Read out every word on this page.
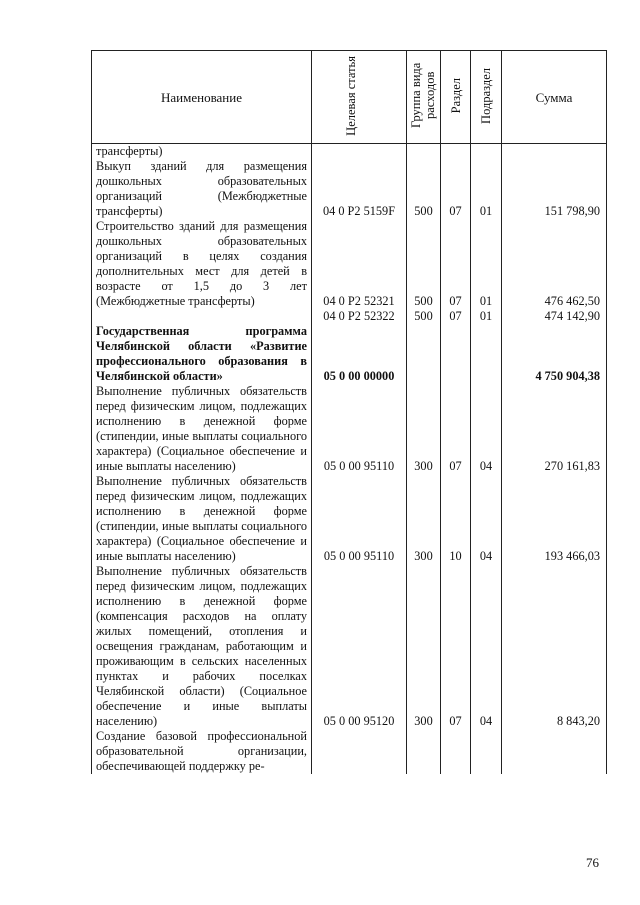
Наименование	Целевая статья	Группа вида расходов	Раздел	Подраздел	Сумма
трансферты)					
Выкуп зданий для размещения дошкольных образовательных организаций (Межбюджетные трансферты)	04 0 P2 5159F	500	07	01	151 798,90
Строительство зданий для размещения дошкольных образовательных организаций в целях создания дополнительных мест для детей в возрасте от 1,5 до 3 лет (Межбюджетные трансферты)	04 0 P2 52321	500	07	01	476 462,50
	04 0 P2 52322	500	07	01	474 142,90
Государственная программа Челябинской области «Развитие профессионального образования в Челябинской области»	05 0 00 00000				4 750 904,38
Выполнение публичных обязательств перед физическим лицом, подлежащих исполнению в денежной форме (стипендии, иные выплаты социального характера) (Социальное обеспечение и иные выплаты населению)	05 0 00 95110	300	07	04	270 161,83
Выполнение публичных обязательств перед физическим лицом, подлежащих исполнению в денежной форме (стипендии, иные выплаты социального характера) (Социальное обеспечение и иные выплаты населению)	05 0 00 95110	300	10	04	193 466,03
Выполнение публичных обязательств перед физическим лицом, подлежащих исполнению в денежной форме (компенсация расходов на оплату жилых помещений, отопления и освещения гражданам, работающим и проживающим в сельских населенных пунктах и рабочих поселках Челябинской области) (Социальное обеспечение и иные выплаты населению)	05 0 00 95120	300	07	04	8 843,20
Создание базовой профессиональной образовательной организации, обеспечивающей поддержку ре-					
76
